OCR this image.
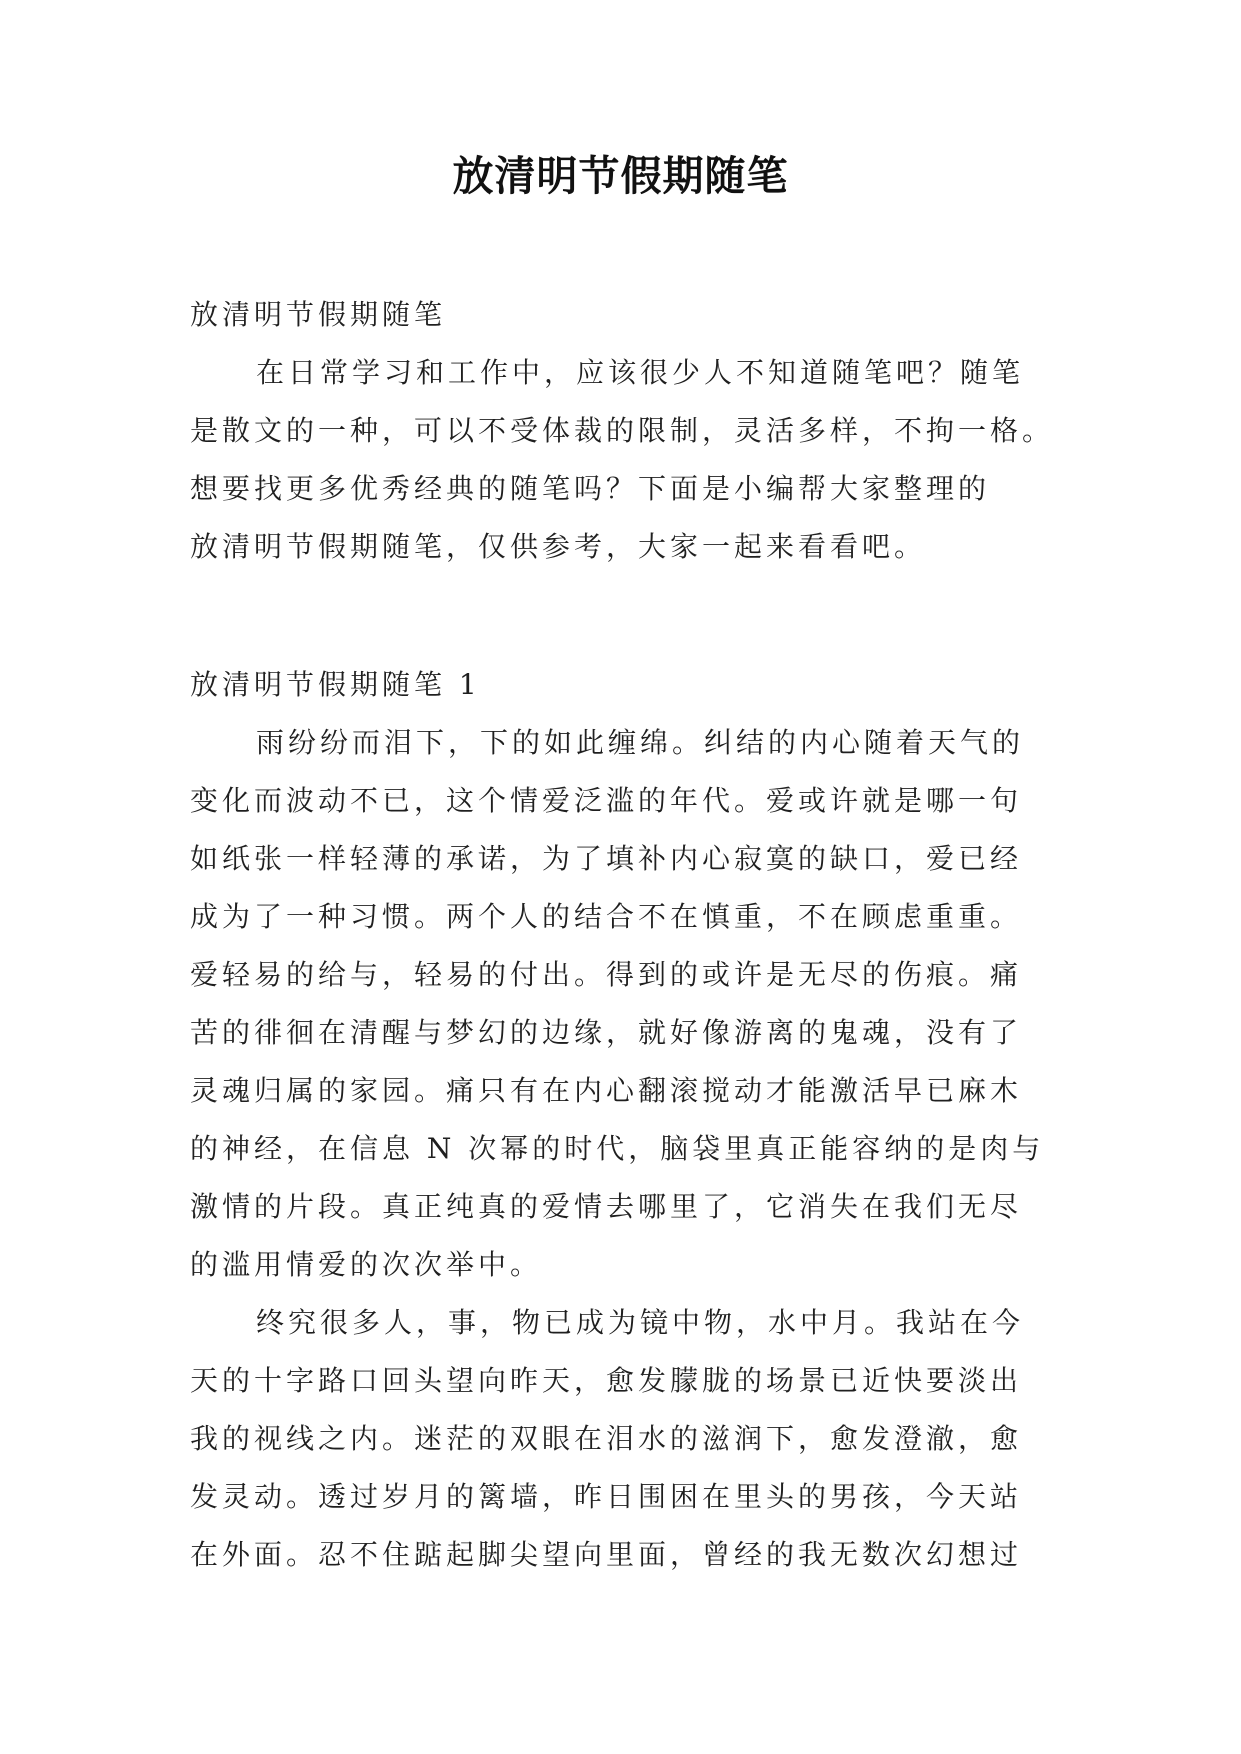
放清明节假期随笔
放清明节假期随笔
在日常学习和工作中，应该很少人不知道随笔吧？随笔
是散文的一种，可以不受体裁的限制，灵活多样，不拘一格。
想要找更多优秀经典的随笔吗？下面是小编帮大家整理的
放清明节假期随笔，仅供参考，大家一起来看看吧。
放清明节假期随笔 1
雨纷纷而泪下，下的如此缠绵。纠结的内心随着天气的
变化而波动不已，这个情爱泛滥的年代。爱或许就是哪一句
如纸张一样轻薄的承诺，为了填补内心寂寞的缺口，爱已经
成为了一种习惯。两个人的结合不在慎重，不在顾虑重重。
爱轻易的给与，轻易的付出。得到的或许是无尽的伤痕。痛
苦的徘徊在清醒与梦幻的边缘，就好像游离的鬼魂，没有了
灵魂归属的家园。痛只有在内心翻滚搅动才能激活早已麻木
的神经，在信息 N 次幂的时代，脑袋里真正能容纳的是肉与
激情的片段。真正纯真的爱情去哪里了，它消失在我们无尽
的滥用情爱的次次举中。
终究很多人，事，物已成为镜中物，水中月。我站在今
天的十字路口回头望向昨天，愈发朦胧的场景已近快要淡出
我的视线之内。迷茫的双眼在泪水的滋润下，愈发澄澈，愈
发灵动。透过岁月的篱墙，昨日围困在里头的男孩，今天站
在外面。忍不住踮起脚尖望向里面，曾经的我无数次幻想过
